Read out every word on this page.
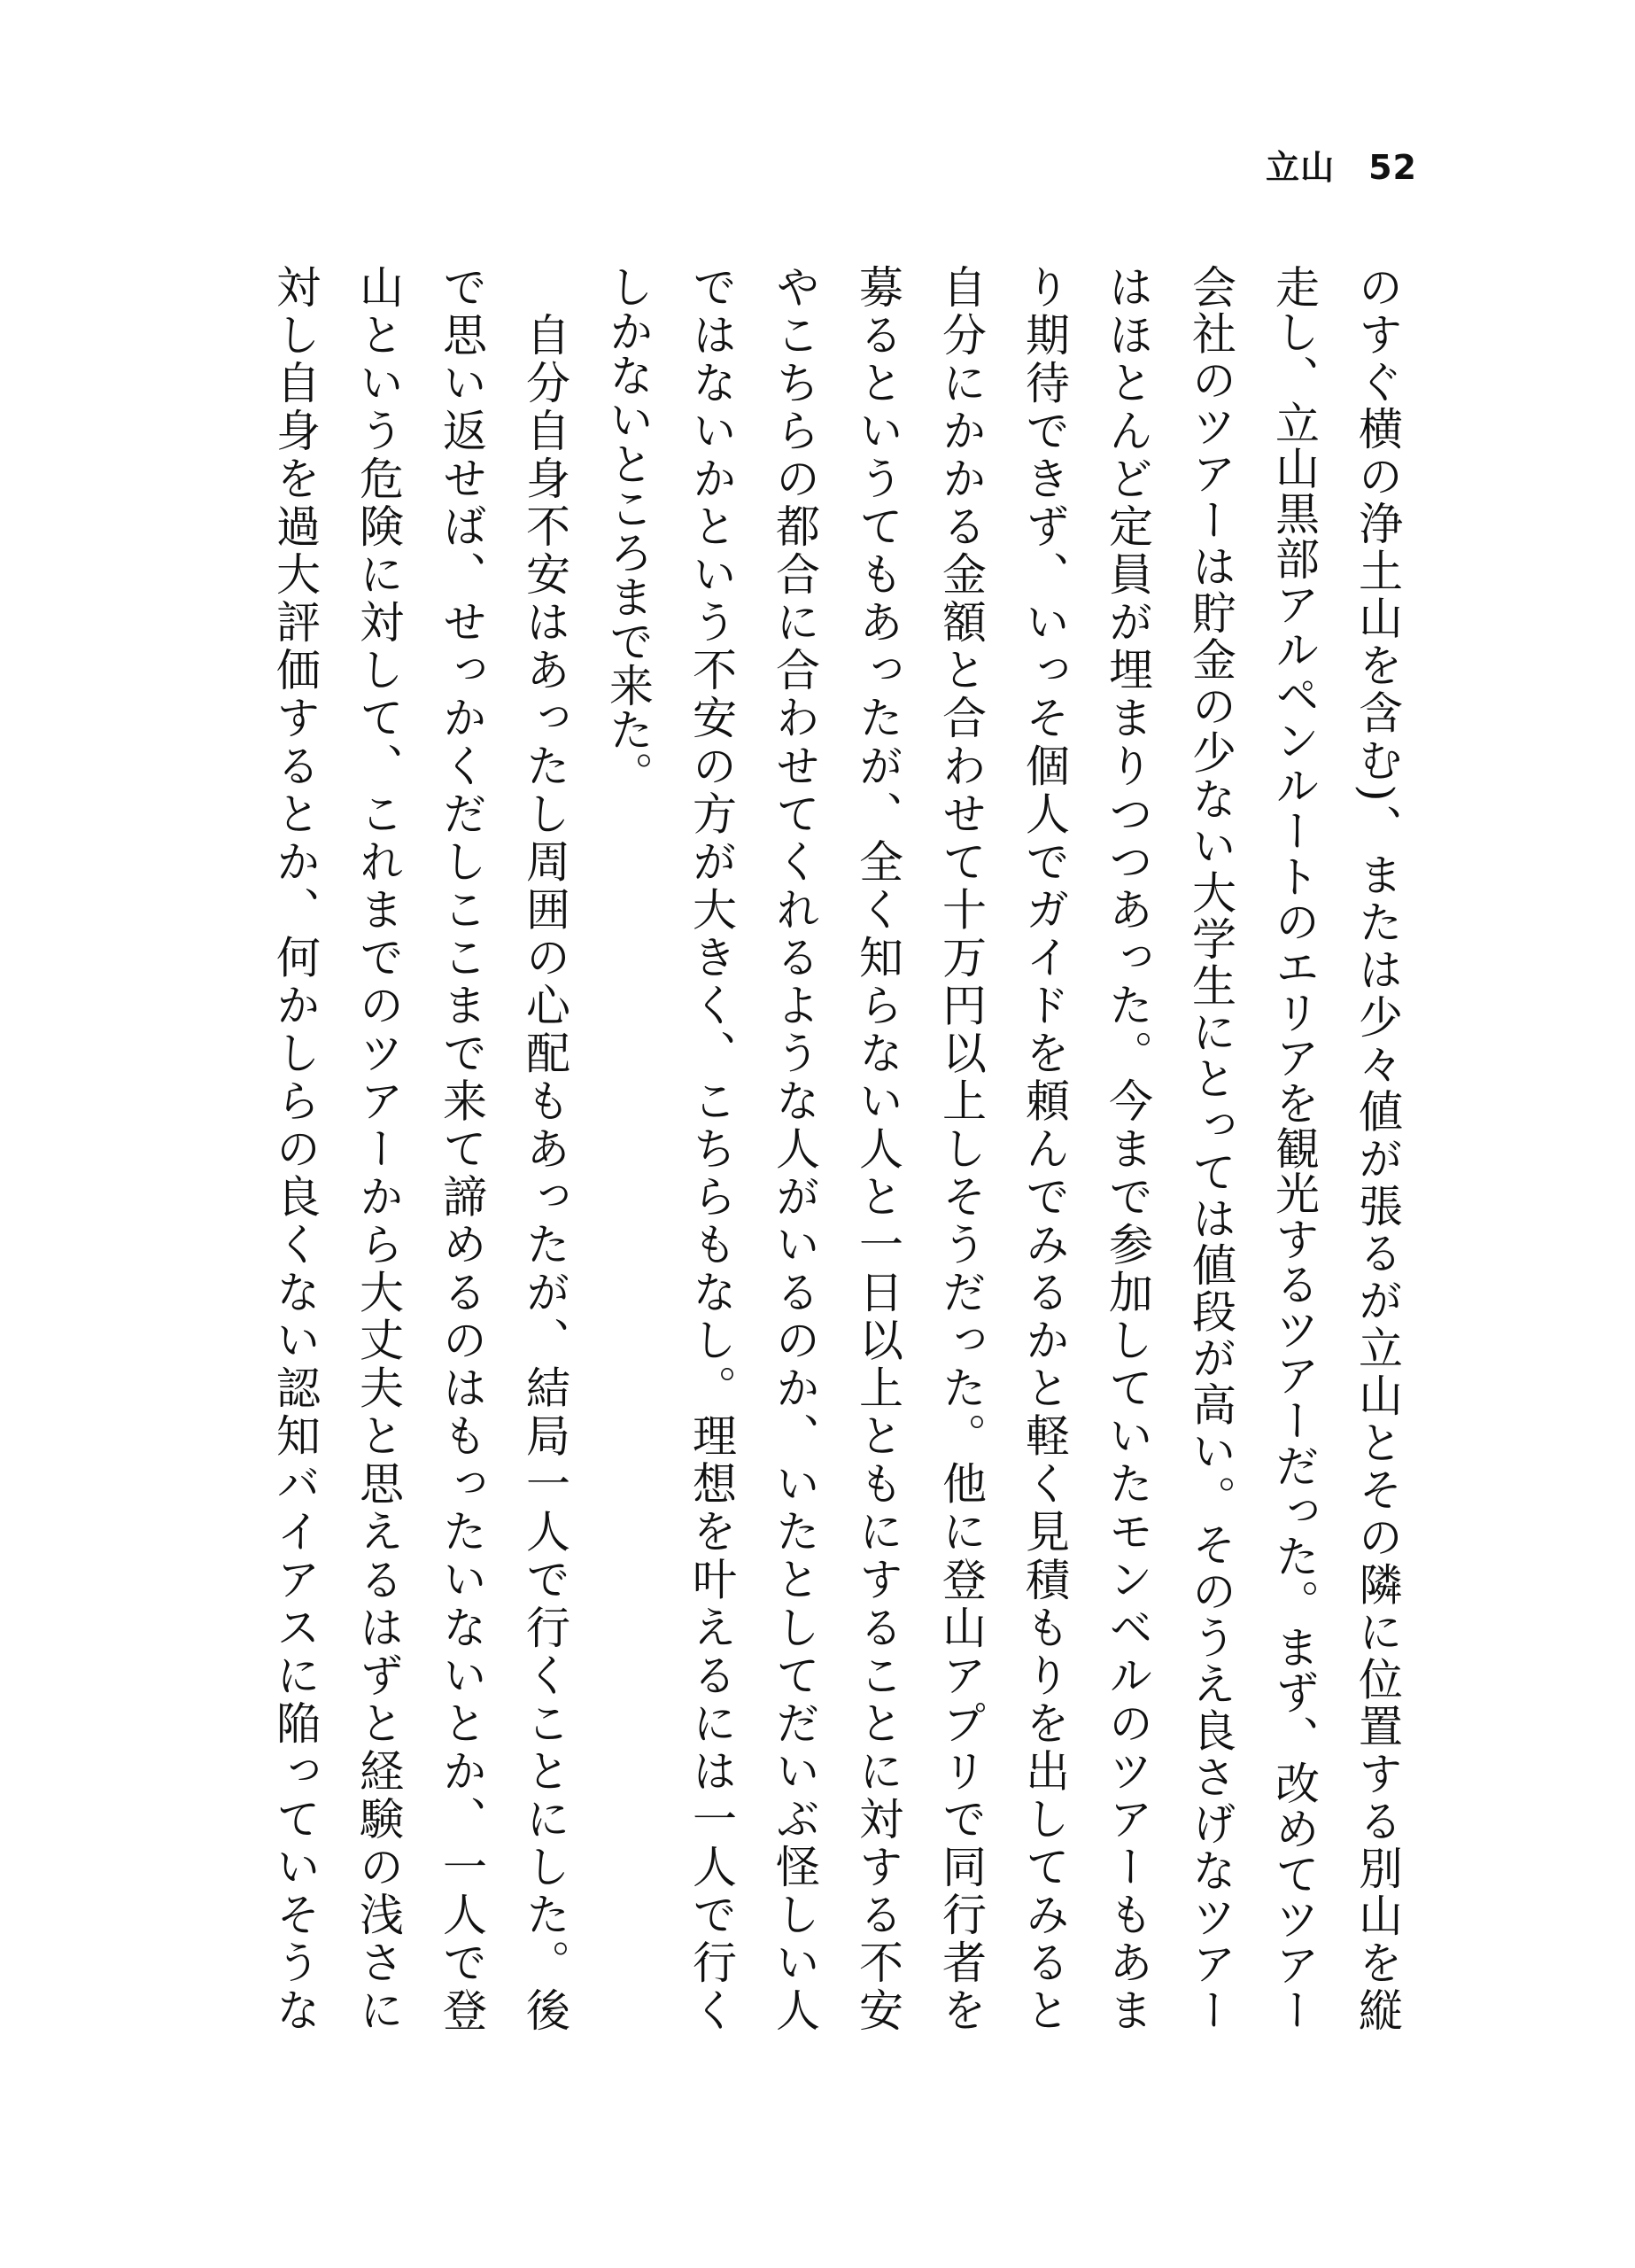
立山 52
のすぐ横の浄土山を含む)、または少々値が張るが立山とその隣に位置する別山を縦
走し、立山黒部アルペンルートのエリアを観光するツアーだった。まず、改めてツアー
会社のツアーは貯金の少ない大学生にとっては値段が高い。そのうえ良さげなツアー
はほとんど定員が埋まりつつあった。今まで参加していたモンベルのツアーもあま
り期待できず、いっそ個人でガイドを頼んでみるかと軽く見積もりを出してみると
自分にかかる金額と合わせて十万円以上しそうだった。他に登山アプリで同行者を
募るというてもあったが、全く知らない人と一日以上ともにすることに対する不安
やこちらの都合に合わせてくれるような人がいるのか、いたとしてだいぶ怪しい人
ではないかという不安の方が大きく、こちらもなし。理想を叶えるには一人で行く
しかないところまで来た。
　自分自身不安はあったし周囲の心配もあったが、結局一人で行くことにした。後
で思い返せば、せっかくだしここまで来て諦めるのはもったいないとか、一人で登
山という危険に対して、これまでのツアーから大丈夫と思えるはずと経験の浅さに
対し自身を過大評価するとか、何かしらの良くない認知バイアスに陥っていそうな
